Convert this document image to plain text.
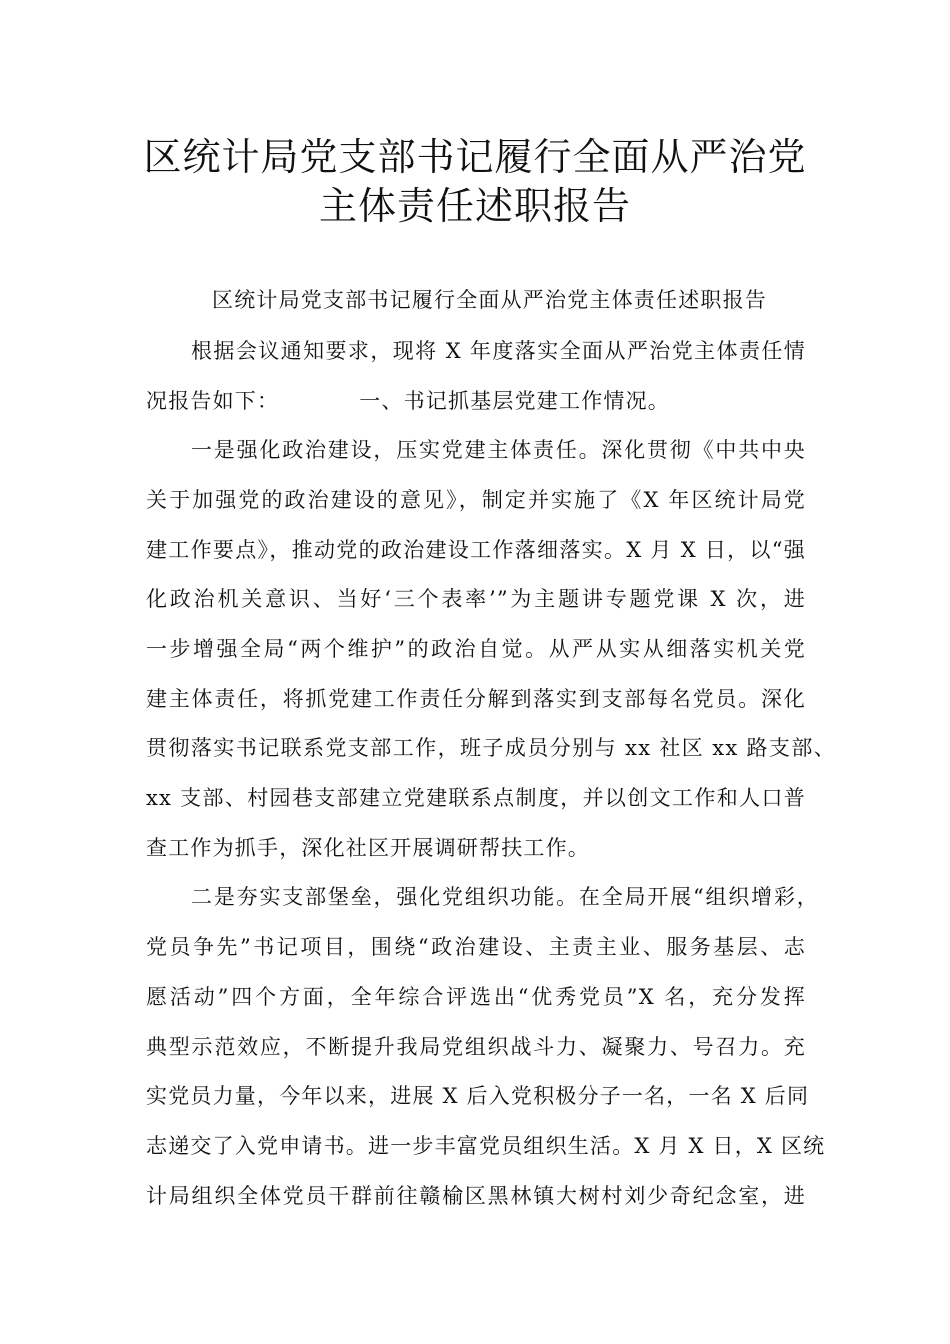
区统计局党支部书记履行全面从严治党
主体责任述职报告
区统计局党支部书记履行全面从严治党主体责任述职报告
根据会议通知要求，现将 X 年度落实全面从严治党主体责任情
况报告如下：	一、书记抓基层党建工作情况。
一是强化政治建设，压实党建主体责任。深化贯彻《中共中央
关于加强党的政治建设的意见》，制定并实施了《X 年区统计局党
建工作要点》，推动党的政治建设工作落细落实。X 月 X 日，以“强
化政治机关意识、当好‘三个表率’”为主题讲专题党课 X 次，进
一步增强全局“两个维护”的政治自觉。从严从实从细落实机关党
建主体责任，将抓党建工作责任分解到落实到支部每名党员。深化
贯彻落实书记联系党支部工作，班子成员分别与 xx 社区 xx 路支部、
xx 支部、村园巷支部建立党建联系点制度，并以创文工作和人口普
查工作为抓手，深化社区开展调研帮扶工作。
二是夯实支部堡垒，强化党组织功能。在全局开展“组织增彩，
党员争先”书记项目，围绕“政治建设、主责主业、服务基层、志
愿活动”四个方面，全年综合评选出“优秀党员”X 名，充分发挥
典型示范效应，不断提升我局党组织战斗力、凝聚力、号召力。充
实党员力量，今年以来，进展 X 后入党积极分子一名，一名 X 后同
志递交了入党申请书。进一步丰富党员组织生活。X 月 X 日，X 区统
计局组织全体党员干群前往赣榆区黑林镇大树村刘少奇纪念室，进
